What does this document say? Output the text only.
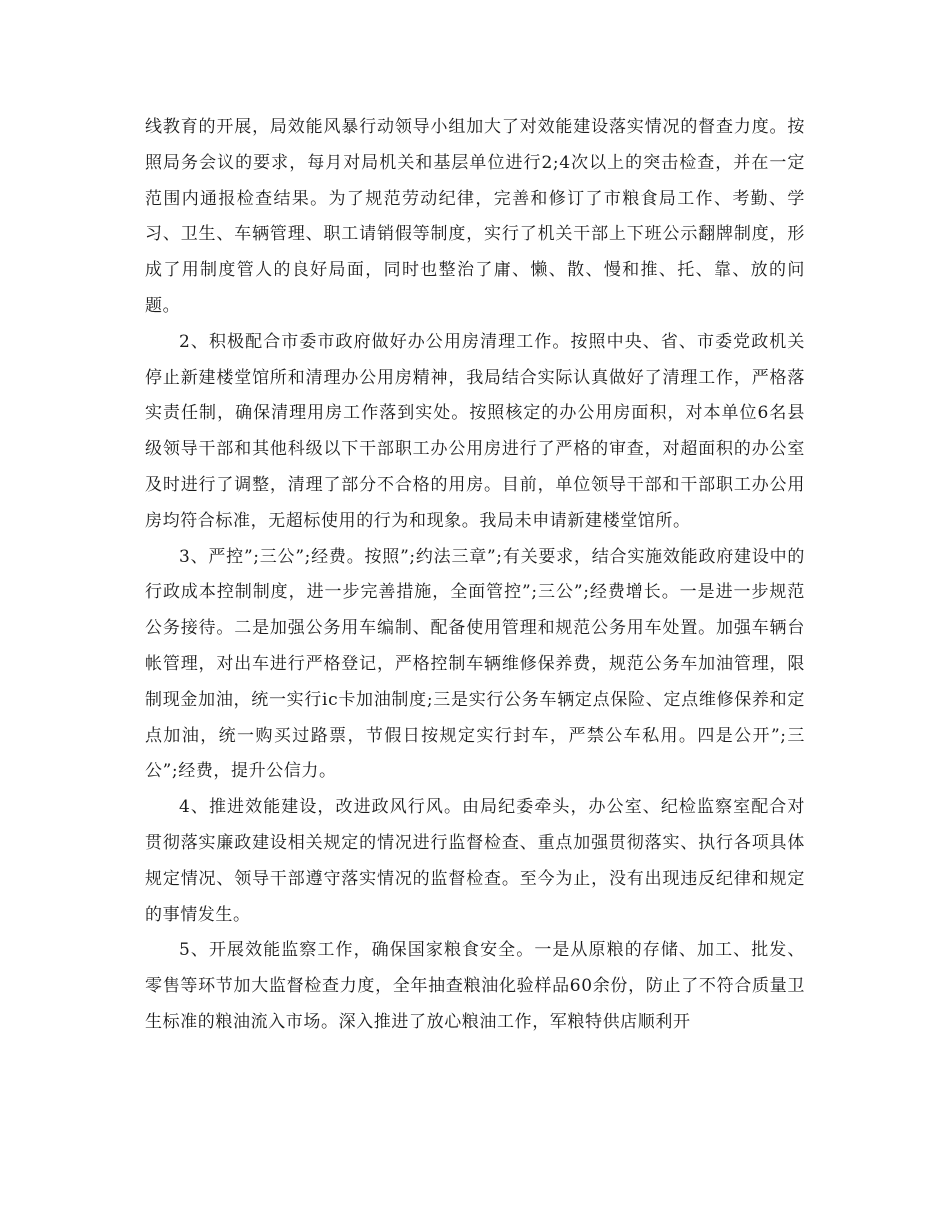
线教育的开展，局效能风暴行动领导小组加大了对效能建设落实情况的督查力度。按照局务会议的要求，每月对局机关和基层单位进行2;4次以上的突击检查，并在一定范围内通报检查结果。为了规范劳动纪律，完善和修订了市粮食局工作、考勤、学习、卫生、车辆管理、职工请销假等制度，实行了机关干部上下班公示翻牌制度，形成了用制度管人的良好局面，同时也整治了庸、懒、散、慢和推、托、靠、放的问题。

2、积极配合市委市政府做好办公用房清理工作。按照中央、省、市委党政机关停止新建楼堂馆所和清理办公用房精神，我局结合实际认真做好了清理工作，严格落实责任制，确保清理用房工作落到实处。按照核定的办公用房面积，对本单位6名县级领导干部和其他科级以下干部职工办公用房进行了严格的审查，对超面积的办公室及时进行了调整，清理了部分不合格的用房。目前，单位领导干部和干部职工办公用房均符合标准，无超标使用的行为和现象。我局未申请新建楼堂馆所。

3、严控”;三公”;经费。按照”;约法三章”;有关要求，结合实施效能政府建设中的行政成本控制制度，进一步完善措施，全面管控”;三公”;经费增长。一是进一步规范公务接待。二是加强公务用车编制、配备使用管理和规范公务用车处置。加强车辆台帐管理，对出车进行严格登记，严格控制车辆维修保养费，规范公务车加油管理，限制现金加油，统一实行ic卡加油制度;三是实行公务车辆定点保险、定点维修保养和定点加油，统一购买过路票，节假日按规定实行封车，严禁公车私用。四是公开”;三公”;经费，提升公信力。

4、推进效能建设，改进政风行风。由局纪委牵头，办公室、纪检监察室配合对贯彻落实廉政建设相关规定的情况进行监督检查、重点加强贯彻落实、执行各项具体规定情况、领导干部遵守落实情况的监督检查。至今为止，没有出现违反纪律和规定的事情发生。

5、开展效能监察工作，确保国家粮食安全。一是从原粮的存储、加工、批发、零售等环节加大监督检查力度，全年抽查粮油化验样品60余份，防止了不符合质量卫生标准的粮油流入市场。深入推进了放心粮油工作，军粮特供店顺利开
